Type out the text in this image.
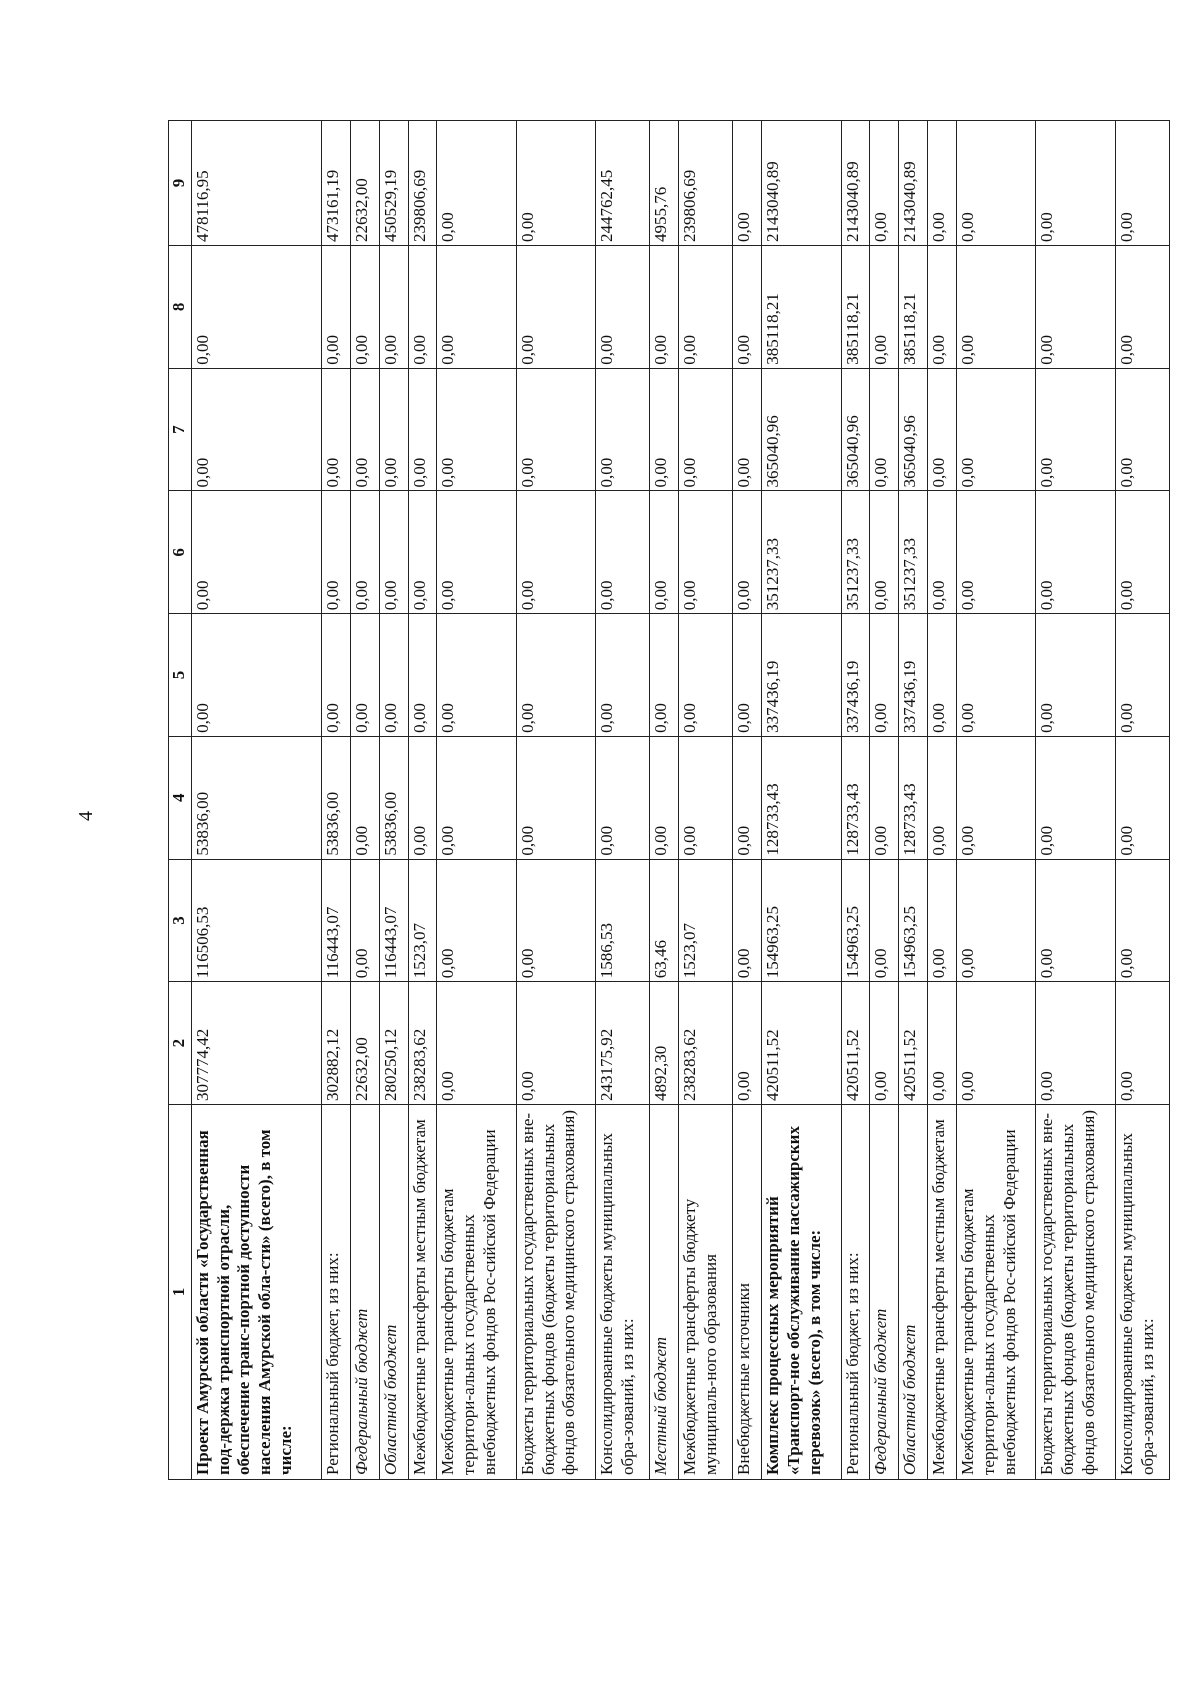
4
1	2	3	4	5	6	7	8	9
Проект Амурской области «Государственная под-держка транспортной отрасли, обеспечение транс-портной доступности населения Амурской обла-сти» (всего), в том числе:	307774,42	116506,53	53836,00	0,00	0,00	0,00	0,00	478116,95
Региональный бюджет, из них:	302882,12	116443,07	53836,00	0,00	0,00	0,00	0,00	473161,19
Федеральный бюджет	22632,00	0,00	0,00	0,00	0,00	0,00	0,00	22632,00
Областной бюджет	280250,12	116443,07	53836,00	0,00	0,00	0,00	0,00	450529,19
Межбюджетные трансферты местным бюджетам	238283,62	1523,07	0,00	0,00	0,00	0,00	0,00	239806,69
Межбюджетные трансферты бюджетам территори-альных государственных внебюджетных фондов Рос-сийской Федерации	0,00	0,00	0,00	0,00	0,00	0,00	0,00	0,00
Бюджеты территориальных государственных вне-бюджетных фондов (бюджеты территориальных фондов обязательного медицинского страхования)	0,00	0,00	0,00	0,00	0,00	0,00	0,00	0,00
Консолидированные бюджеты муниципальных обра-зований, из них:	243175,92	1586,53	0,00	0,00	0,00	0,00	0,00	244762,45
Местный бюджет	4892,30	63,46	0,00	0,00	0,00	0,00	0,00	4955,76
Межбюджетные трансферты бюджету муниципаль-ного образования	238283,62	1523,07	0,00	0,00	0,00	0,00	0,00	239806,69
Внебюджетные источники	0,00	0,00	0,00	0,00	0,00	0,00	0,00	0,00
Комплекс процессных мероприятий «Транспорт-ное обслуживание пассажирских перевозок» (всего), в том числе:	420511,52	154963,25	128733,43	337436,19	351237,33	365040,96	385118,21	2143040,89
Региональный бюджет, из них:	420511,52	154963,25	128733,43	337436,19	351237,33	365040,96	385118,21	2143040,89
Федеральный бюджет	0,00	0,00	0,00	0,00	0,00	0,00	0,00	0,00
Областной бюджет	420511,52	154963,25	128733,43	337436,19	351237,33	365040,96	385118,21	2143040,89
Межбюджетные трансферты местным бюджетам	0,00	0,00	0,00	0,00	0,00	0,00	0,00	0,00
Межбюджетные трансферты бюджетам территори-альных государственных внебюджетных фондов Рос-сийской Федерации	0,00	0,00	0,00	0,00	0,00	0,00	0,00	0,00
Бюджеты территориальных государственных вне-бюджетных фондов (бюджеты территориальных фондов обязательного медицинского страхования)	0,00	0,00	0,00	0,00	0,00	0,00	0,00	0,00
Консолидированные бюджеты муниципальных обра-зований, из них:	0,00	0,00	0,00	0,00	0,00	0,00	0,00	0,00
